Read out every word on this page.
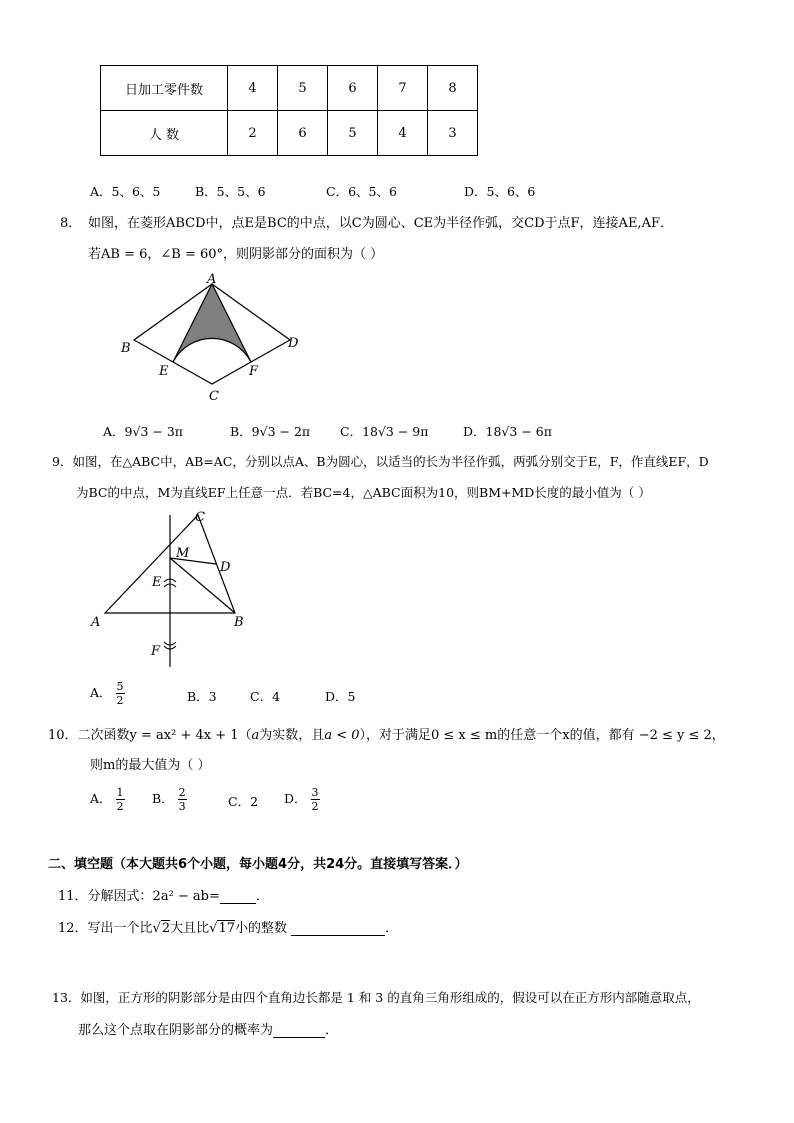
日加工零件数	4	5	6	7	8
人 数	2	6	5	4	3
A．5、6、5	B．5、5、6	C．6、5、6	D．5、6、6
8． 如图，在菱形ABCD中，点E是BC的中点，以C为圆心、CE为半径作弧，交CD于点F，连接AE,AF．
若AB = 6，∠B = 60°，则阴影部分的面积为（ ）
A
B
C
D
E	F
A．9√3 − 3π	B．9√3 − 2π C．18√3 − 9π	D．18√3 − 6π
9．如图，在△ABC中，AB=AC，分别以点A、B为圆心，以适当的长为半径作弧，两弧分别交于E，F，作直线EF，D
为BC的中点，M为直线EF上任意一点．若BC=4，△ABC面积为10，则BM+MD长度的最小值为（ ）
C
M
D
E
A	B
F
A． $\frac{5}{2}$	B．3	C．4	D．5
10．二次函数y = ax² + 4x + 1（a为实数，且a < 0），对于满足0 ≤ x ≤ m的任意一个x的值，都有 −2 ≤ y ≤ 2，
则m的最大值为（ ）
A． $\frac{1}{2}$ B． $\frac{2}{3}$	C．2 D． $\frac{3}{2}$
二、填空题（本大题共6个小题，每小题4分，共24分。直接填写答案．）
11．分解因式：2a² − ab=	．
12．写出一个比√2大且比√17小的整数	．
13．如图，正方形的阴影部分是由四个直角边长都是 1 和 3 的直角三角形组成的，假设可以在正方形内部随意取点，
那么这个点取在阴影部分的概率为	．
